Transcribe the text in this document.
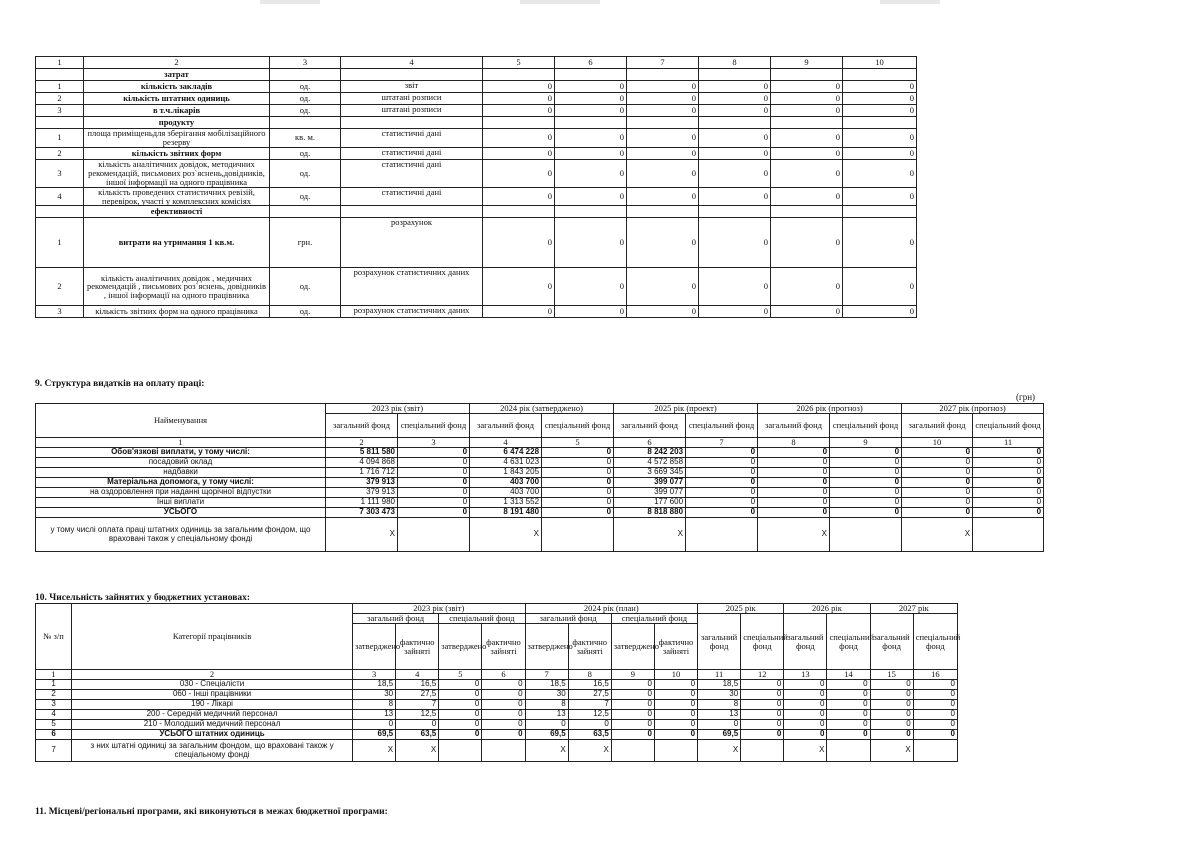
1	2	3	4	5	6	7	8	9	10
	затрат								
1	кількість закладів	од.	звіт	0	0	0	0	0	0
2	кількість штатних одиниць	од.	штатані розписи	0	0	0	0	0	0
3	в т.ч.лікарів	од.	штатані розписи	0	0	0	0	0	0
	продукту								
1	площа приміщеньдля зберігання мобілізаційного резерву	кв. м.	статистичні дані	0	0	0	0	0	0
2	кількість звітних форм	од.	статистичні дані	0	0	0	0	0	0
3	кількість аналітичних довідок, методичних рекомендацій, письмових роз`яснень,довідників, іншої інформації на одного працівника	од.	статистичні дані	0	0	0	0	0	0
4	кількість проведених статистичних ревізій, перевірок, участі у комплексних комісіях	од.	статистичні дані	0	0	0	0	0	0
	ефективності								
1	витрати на утримання 1 кв.м.	грн.	розрахунок	0	0	0	0	0	0
2	кількість аналітичних довідок , медичних рекомендацій , письмових роз`яснень, довідників , іншої інформації на одного працівника	од.	розрахунок статистичних даних	0	0	0	0	0	0
3	кількість звітних форм на одного працівника	од.	розрахунок статистичних даних	0	0	0	0	0	0
9. Структура видатків на оплату праці:
(грн)
Найменування	2023 рік (звіт)		2024 рік (затверджено)		2025 рік (проект)		2026 рік (прогноз)		2027 рік (прогноз)	
	загальний фонд	спеціальний фонд	загальний фонд	спеціальний фонд	загальний фонд	спеціальний фонд	загальний фонд	спеціальний фонд	загальний фонд	спеціальний фонд
1	2	3	4	5	6	7	8	9	10	11
Обов'язкові виплати, у тому числі:	5 811 580	0	6 474 228	0	8 242 203	0	0	0	0	0
посадовий оклад	4 094 868	0	4 631 023	0	4 572 858	0	0	0	0	0
надбавки	1 716 712	0	1 843 205	0	3 669 345	0	0	0	0	0
Матеріальна допомога, у тому числі:	379 913	0	403 700	0	399 077	0	0	0	0	0
на оздоровлення при наданні щорічної відпустки	379 913	0	403 700	0	399 077	0	0	0	0	0
Інші виплати	1 111 980	0	1 313 552	0	177 600	0	0	0	0	0
УСЬОГО	7 303 473	0	8 191 480	0	8 818 880	0	0	0	0	0
у тому числі оплата праці штатних одиниць за загальним фондом, що враховані також у спеціальному фонді	X		X		X		X		X	
10. Чисельність зайнятих у бюджетних установах:
№ з/п	Категорії працівників	2023 рік (звіт)				2024 рік (план)				2025 рік		2026 рік		2027 рік	
		загальний фонд		спеціальний фонд		загальний фонд		спеціальний фонд		загальний фонд	спеціальний фонд	загальний фонд	спеціальний фонд	загальний фонд	спеціальний фонд
		затверджено	фактично зайняті	затверджено	фактично зайняті	затверджено	фактично зайняті	затверджено	фактично зайняті						
1	2	3	4	5	6	7	8	9	10	11	12	13	14	15	16
1	030 - Спеціалісти	18,5	16,5	0	0	18,5	16,5	0	0	18,5	0	0	0	0	0
2	060 - Інші працівники	30	27,5	0	0	30	27,5	0	0	30	0	0	0	0	0
3	190 - Лікарі	8	7	0	0	8	7	0	0	8	0	0	0	0	0
4	200 - Середній медичний персонал	13	12,5	0	0	13	12,5	0	0	13	0	0	0	0	0
5	210 - Молодший медичний персонал	0	0	0	0	0	0	0	0	0	0	0	0	0	0
6	УСЬОГО штатних одиниць	69,5	63,5	0	0	69,5	63,5	0	0	69,5	0	0	0	0	0
7	з них штатні одиниці за загальним фондом, що враховані також у спеціальному фонді	X	X			X	X			X		X		X	
11. Місцеві/регіональні програми, які виконуються в межах бюджетної програми:
